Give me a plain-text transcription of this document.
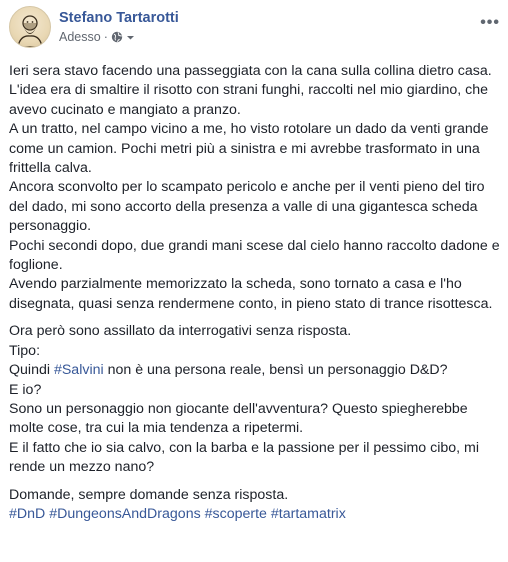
Stefano Tartarotti
Adesso ·
•••

Ieri sera stavo facendo una passeggiata con la cana sulla collina dietro casa.

L'idea era di smaltire il risotto con strani funghi, raccolti nel mio giardino, che avevo cucinato e mangiato a pranzo.

A un tratto, nel campo vicino a me, ho visto rotolare un dado da venti grande come un camion. Pochi metri più a sinistra e mi avrebbe trasformato in una frittella calva.

Ancora sconvolto per lo scampato pericolo e anche per il venti pieno del tiro del dado, mi sono accorto della presenza a valle di una gigantesca scheda personaggio.

Pochi secondi dopo, due grandi mani scese dal cielo hanno raccolto dadone e foglione.

Avendo parzialmente memorizzato la scheda, sono tornato a casa e l'ho disegnata, quasi senza rendermene conto, in pieno stato di trance risottesca.

Ora però sono assillato da interrogativi senza risposta.

Tipo:

Quindi #Salvini non è una persona reale, bensì un personaggio D&D?

E io?

Sono un personaggio non giocante dell'avventura? Questo spiegherebbe molte cose, tra cui la mia tendenza a ripetermi.

E il fatto che io sia calvo, con la barba e la passione per il pessimo cibo, mi rende un mezzo nano?

Domande, sempre domande senza risposta.

#DnD #DungeonsAndDragons #scoperte #tartamatrix
